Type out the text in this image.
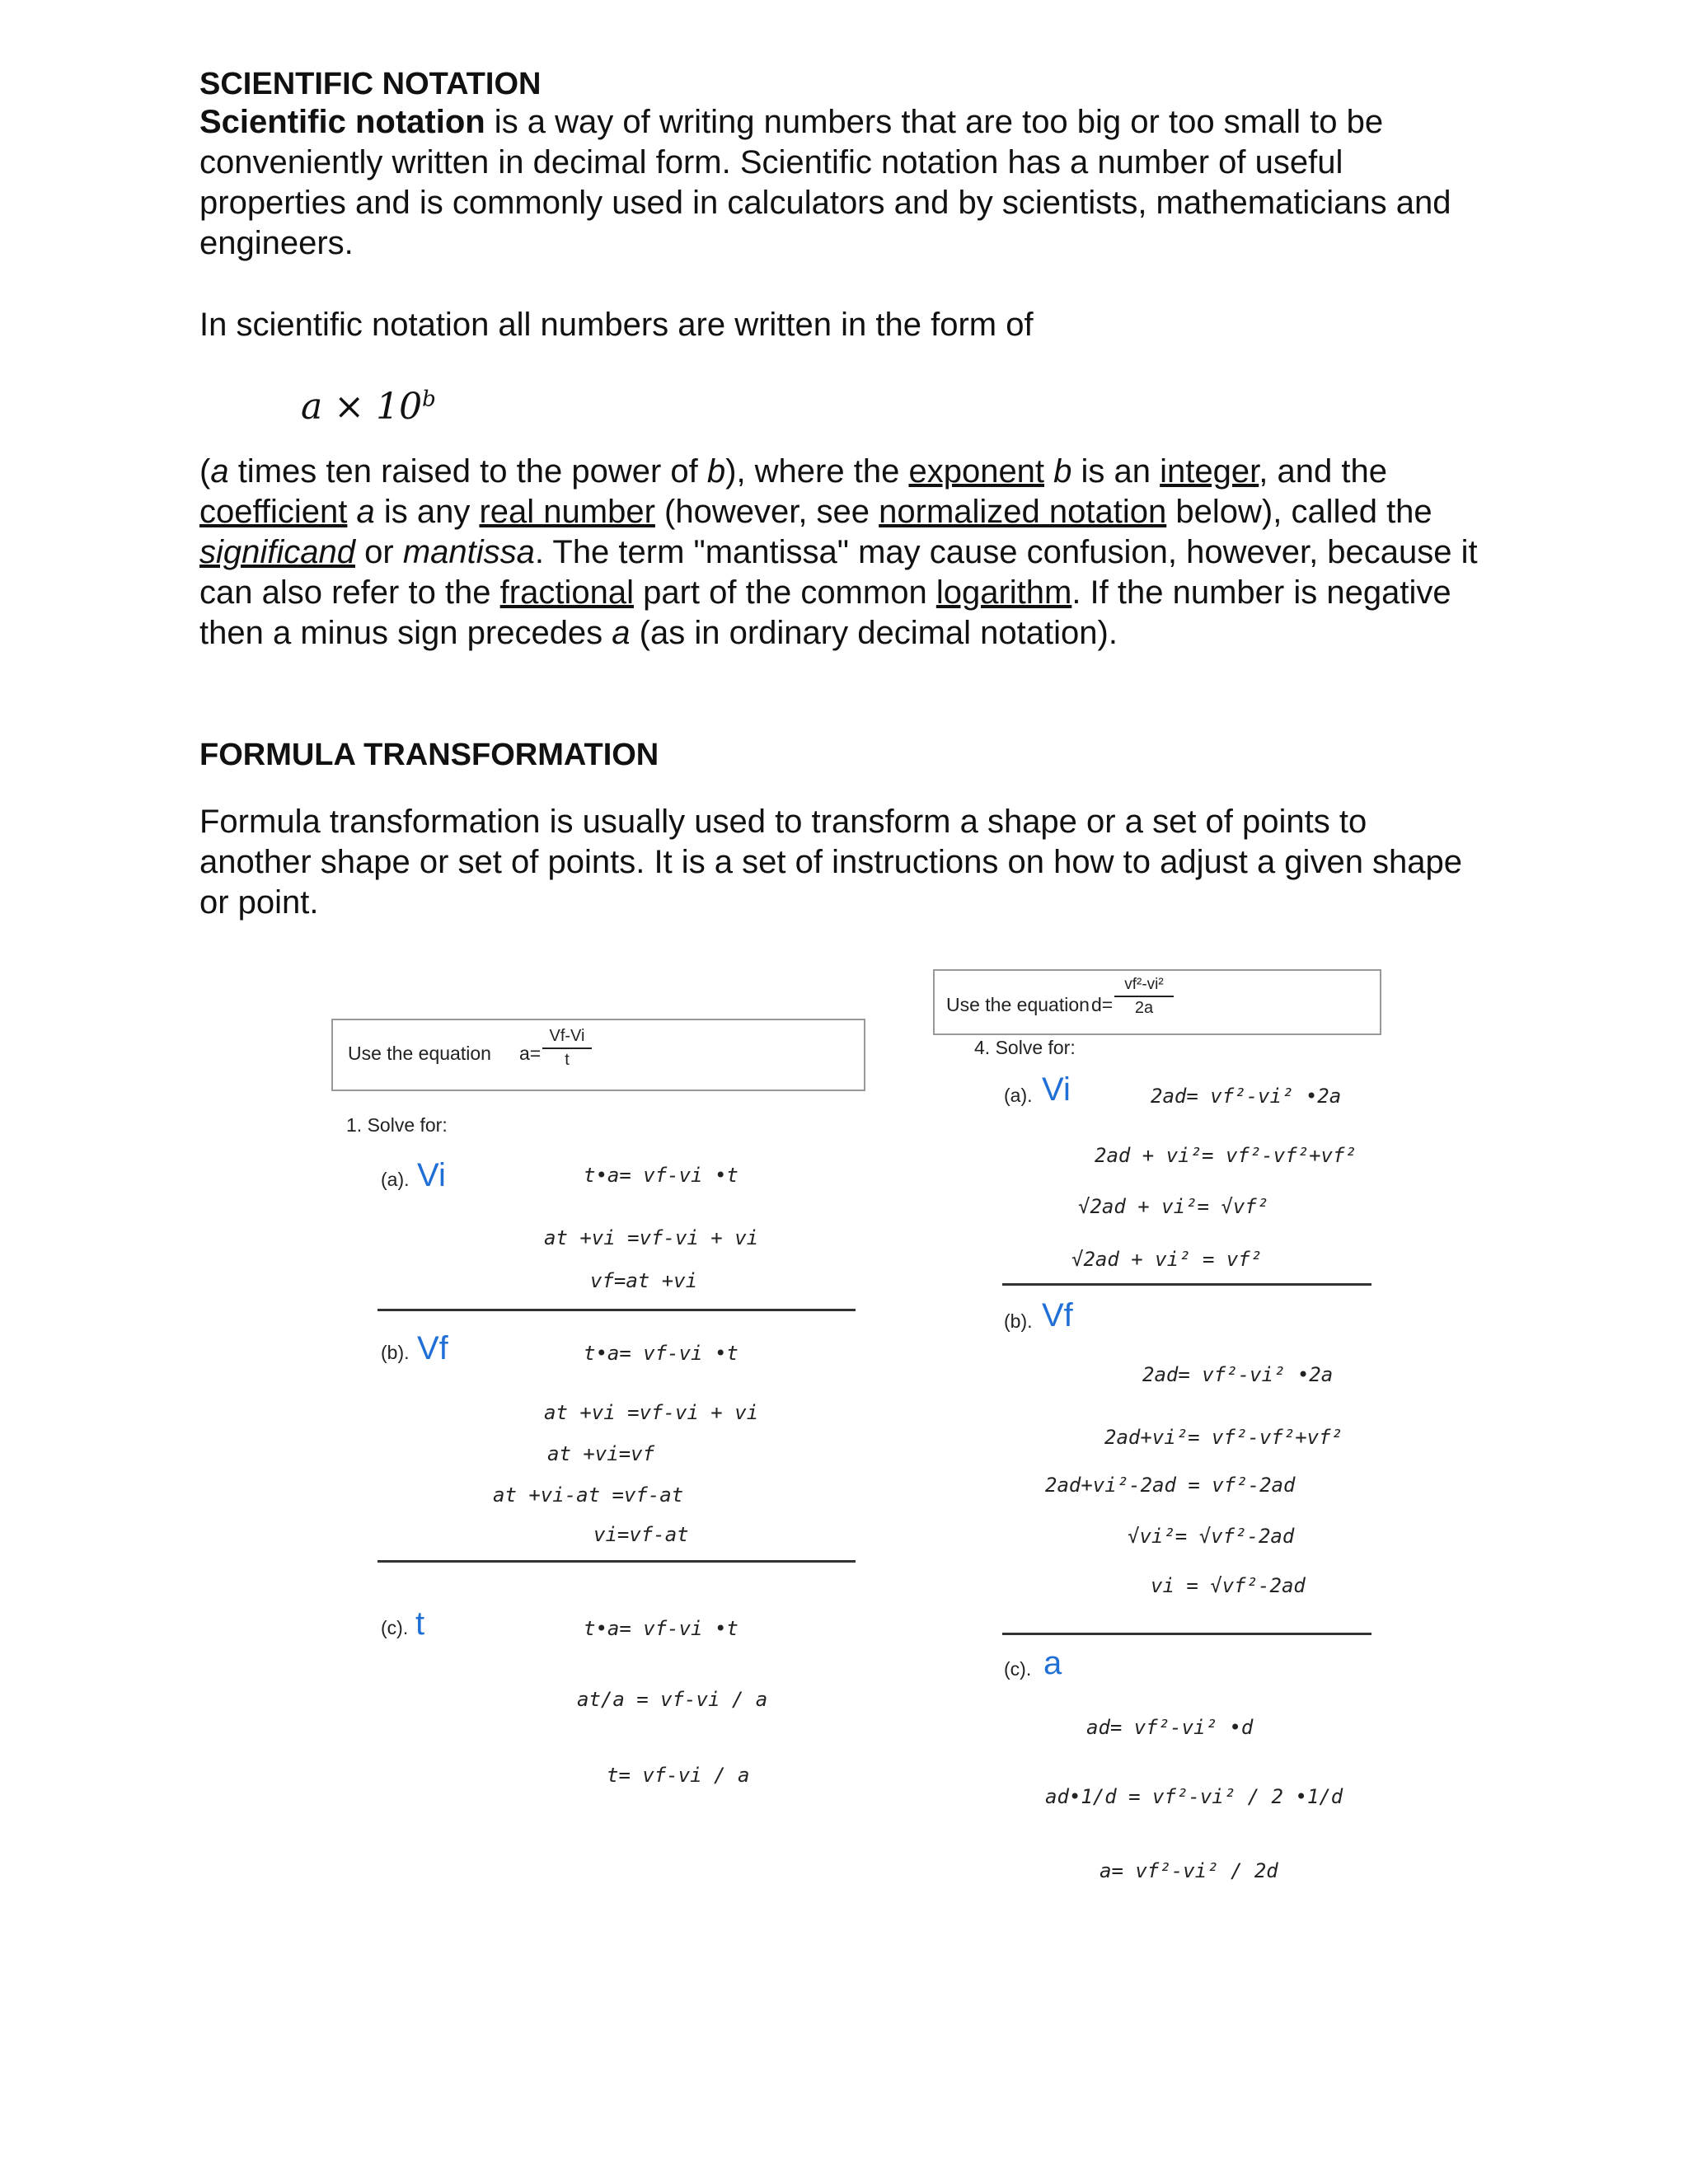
SCIENTIFIC NOTATION
Scientific notation is a way of writing numbers that are too big or too small to be conveniently written in decimal form. Scientific notation has a number of useful properties and is commonly used in calculators and by scientists, mathematicians and engineers.
In scientific notation all numbers are written in the form of
$a \times 10^b$
(a times ten raised to the power of b), where the exponent b is an integer, and the coefficient a is any real number (however, see normalized notation below), called the significand or mantissa. The term "mantissa" may cause confusion, however, because it can also refer to the fractional part of the common logarithm. If the number is negative then a minus sign precedes a (as in ordinary decimal notation).
FORMULA TRANSFORMATION
Formula transformation is usually used to transform a shape or a set of points to another shape or set of points. It is a set of instructions on how to adjust a given shape or point.
Use the equation a=
Vf-Vi
t
1. Solve for:
(a). Vi	t•a= vf-vi •t
at +vi =vf-vi + vi
vf=at +vi
(b). Vf	t•a= vf-vi •t
at +vi =vf-vi + vi
at +vi=vf
at +vi-at =vf-at
vi=vf-at
(c). t	t•a= vf-vi •t
at/a = vf-vi / a
t= vf-vi / a
Use the equation d=
vf²-vi²
2a
4. Solve for:
(a). Vi	2ad= vf²-vi² •2a
2ad + vi²= vf²-vf²+vf²
√2ad + vi²= √vf²
√2ad + vi² = vf²
(b). Vf
2ad= vf²-vi² •2a
2ad+vi²= vf²-vf²+vf²
2ad+vi²-2ad = vf²-2ad
√vi²= √vf²-2ad
vi = √vf²-2ad
(c). a
ad= vf²-vi² •d
ad•1/d = vf²-vi² / 2 •1/d
a= vf²-vi² / 2d
